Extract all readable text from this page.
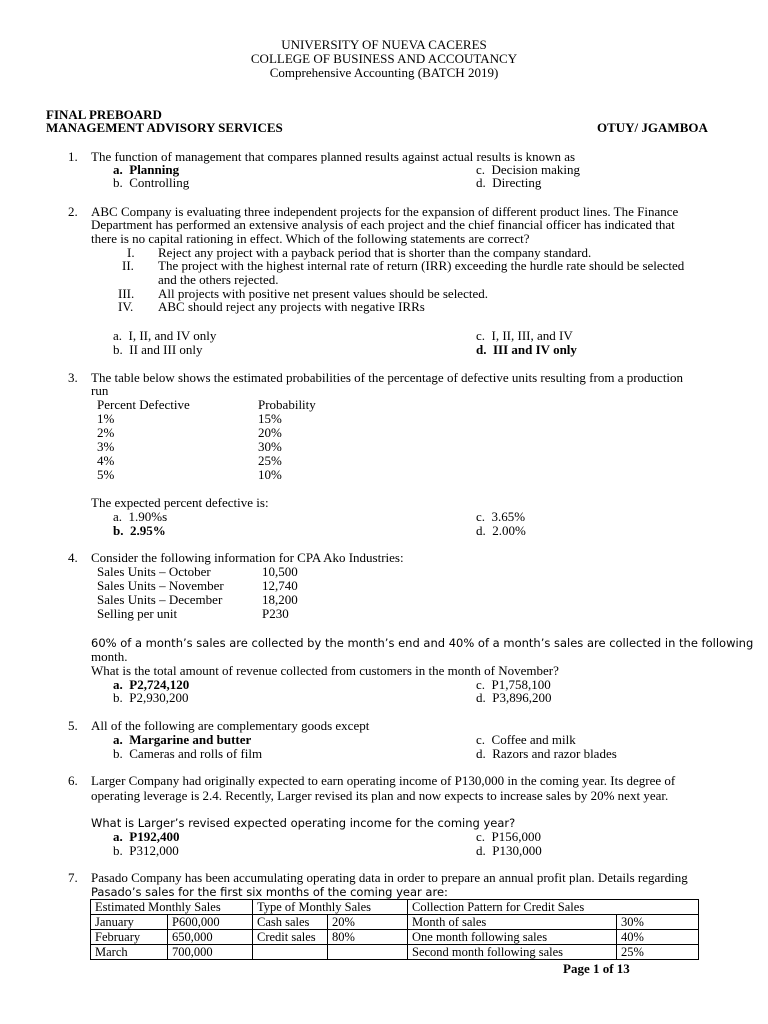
UNIVERSITY OF NUEVA CACERES
COLLEGE OF BUSINESS AND ACCOUTANCY
Comprehensive Accounting (BATCH 2019)
FINAL PREBOARD
MANAGEMENT ADVISORY SERVICES	OTUY/ JGAMBOA
1. The function of management that compares planned results against actual results is known as
a.  Planning
b.  Controlling
c.  Decision making
d.  Directing
2. ABC Company is evaluating three independent projects for the expansion of different product lines. The Finance
Department has performed an extensive analysis of each project and the chief financial officer has indicated that
there is no capital rationing in effect. Which of the following statements are correct?
I. Reject any project with a payback period that is shorter than the company standard.
II. The project with the highest internal rate of return (IRR) exceeding the hurdle rate should be selected
and the others rejected.
III. All projects with positive net present values should be selected.
IV. ABC should reject any projects with negative IRRs
a.  I, II, and IV only
b.  II and III only
c.  I, II, III, and IV
d.  III and IV only
3. The table below shows the estimated probabilities of the percentage of defective units resulting from a production
run
Percent Defective	Probability
1%	15%
2%	20%
3%	30%
4%	25%
5%	10%
The expected percent defective is:
a.  1.90%s
b.  2.95%
c.  3.65%
d.  2.00%
4. Consider the following information for CPA Ako Industries:
Sales Units – October	10,500
Sales Units – November	12,740
Sales Units – December	18,200
Selling per unit	P230
60% of a month’s sales are collected by the month’s end and 40% of a month’s sales are collected in the following
month.
What is the total amount of revenue collected from customers in the month of November?
a.  P2,724,120
b.  P2,930,200
c.  P1,758,100
d.  P3,896,200
5. All of the following are complementary goods except
a.  Margarine and butter
b.  Cameras and rolls of film
c.  Coffee and milk
d.  Razors and razor blades
6. Larger Company had originally expected to earn operating income of P130,000 in the coming year. Its degree of
operating leverage is 2.4. Recently, Larger revised its plan and now expects to increase sales by 20% next year.
What is Larger’s revised expected operating income for the coming year?
a.  P192,400
b.  P312,000
c.  P156,000
d.  P130,000
7. Pasado Company has been accumulating operating data in order to prepare an annual profit plan. Details regarding
Pasado’s sales for the first six months of the coming year are:
Estimated Monthly Sales		Type of Monthly Sales		Collection Pattern for Credit Sales	
January	P600,000	Cash sales	20%	Month of sales	30%
February	650,000	Credit sales	80%	One month following sales	40%
March	700,000			Second month following sales	25%
Page 1 of 13
